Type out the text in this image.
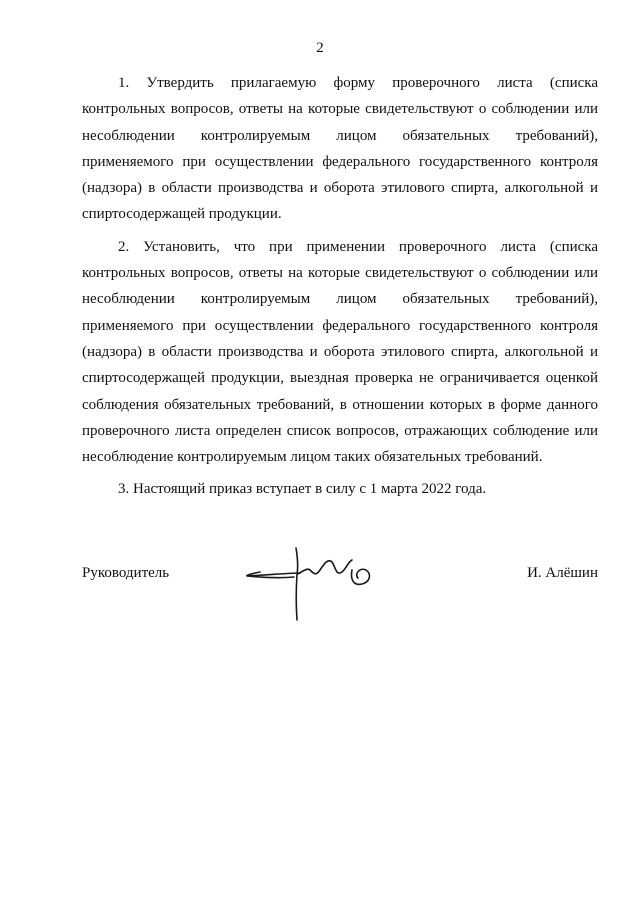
2

1. Утвердить прилагаемую форму проверочного листа (списка контрольных вопросов, ответы на которые свидетельствуют о соблюдении или несоблюдении контролируемым лицом обязательных требований), применяемого при осуществлении федерального государственного контроля (надзора) в области производства и оборота этилового спирта, алкогольной и спиртосодержащей продукции.

2. Установить, что при применении проверочного листа (списка контрольных вопросов, ответы на которые свидетельствуют о соблюдении или несоблюдении контролируемым лицом обязательных требований), применяемого при осуществлении федерального государственного контроля (надзора) в области производства и оборота этилового спирта, алкогольной и спиртосодержащей продукции, выездная проверка не ограничивается оценкой соблюдения обязательных требований, в отношении которых в форме данного проверочного листа определен список вопросов, отражающих соблюдение или несоблюдение контролируемым лицом таких обязательных требований.

3. Настоящий приказ вступает в силу с 1 марта 2022 года.

Руководитель	И. Алёшин
